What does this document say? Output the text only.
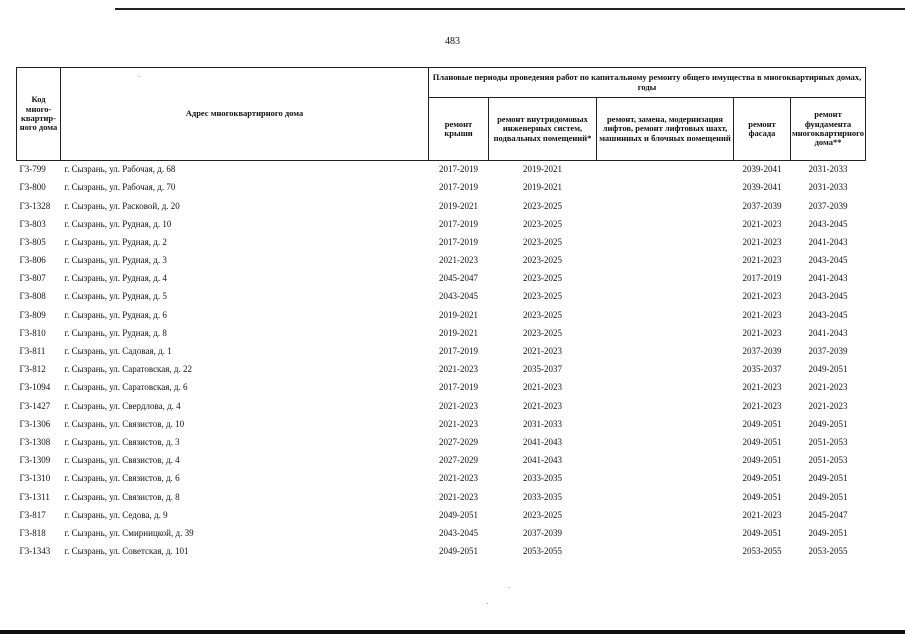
483
Код много-квартир-ного дома	Адрес многоквартирного дома	Плановые периоды проведения работ по капитальному ремонту общего имущества в многоквартирных домах, годы				
		ремонт крыши	ремонт внутридомовых инженерных систем, подвальных помещений*	ремонт, замена, модернизация лифтов, ремонт лифтовых шахт, машинных и блочных помещений	ремонт фасада	ремонт фундамента многоквартирного дома**
Г3-799	г. Сызрань, ул. Рабочая, д. 68	2017-2019	2019-2021		2039-2041	2031-2033
Г3-800	г. Сызрань, ул. Рабочая, д. 70	2017-2019	2019-2021		2039-2041	2031-2033
Г3-1328	г. Сызрань, ул. Расковой, д. 20	2019-2021	2023-2025		2037-2039	2037-2039
Г3-803	г. Сызрань, ул. Рудная, д. 10	2017-2019	2023-2025		2021-2023	2043-2045
Г3-805	г. Сызрань, ул. Рудная, д. 2	2017-2019	2023-2025		2021-2023	2041-2043
Г3-806	г. Сызрань, ул. Рудная, д. 3	2021-2023	2023-2025		2021-2023	2043-2045
Г3-807	г. Сызрань, ул. Рудная, д. 4	2045-2047	2023-2025		2017-2019	2041-2043
Г3-808	г. Сызрань, ул. Рудная, д. 5	2043-2045	2023-2025		2021-2023	2043-2045
Г3-809	г. Сызрань, ул. Рудная, д. 6	2019-2021	2023-2025		2021-2023	2043-2045
Г3-810	г. Сызрань, ул. Рудная, д. 8	2019-2021	2023-2025		2021-2023	2041-2043
Г3-811	г. Сызрань, ул. Садовая, д. 1	2017-2019	2021-2023		2037-2039	2037-2039
Г3-812	г. Сызрань, ул. Саратовская, д. 22	2021-2023	2035-2037		2035-2037	2049-2051
Г3-1094	г. Сызрань, ул. Саратовская, д. 6	2017-2019	2021-2023		2021-2023	2021-2023
Г3-1427	г. Сызрань, ул. Свердлова, д. 4	2021-2023	2021-2023		2021-2023	2021-2023
Г3-1306	г. Сызрань, ул. Связистов, д. 10	2021-2023	2031-2033		2049-2051	2049-2051
Г3-1308	г. Сызрань, ул. Связистов, д. 3	2027-2029	2041-2043		2049-2051	2051-2053
Г3-1309	г. Сызрань, ул. Связистов, д. 4	2027-2029	2041-2043		2049-2051	2051-2053
Г3-1310	г. Сызрань, ул. Связистов, д. 6	2021-2023	2033-2035		2049-2051	2049-2051
Г3-1311	г. Сызрань, ул. Связистов, д. 8	2021-2023	2033-2035		2049-2051	2049-2051
Г3-817	г. Сызрань, ул. Седова, д. 9	2049-2051	2023-2025		2021-2023	2045-2047
Г3-818	г. Сызрань, ул. Смирницкой, д. 39	2043-2045	2037-2039		2049-2051	2049-2051
Г3-1343	г. Сызрань, ул. Советская, д. 101	2049-2051	2053-2055		2053-2055	2053-2055
·
·
·
